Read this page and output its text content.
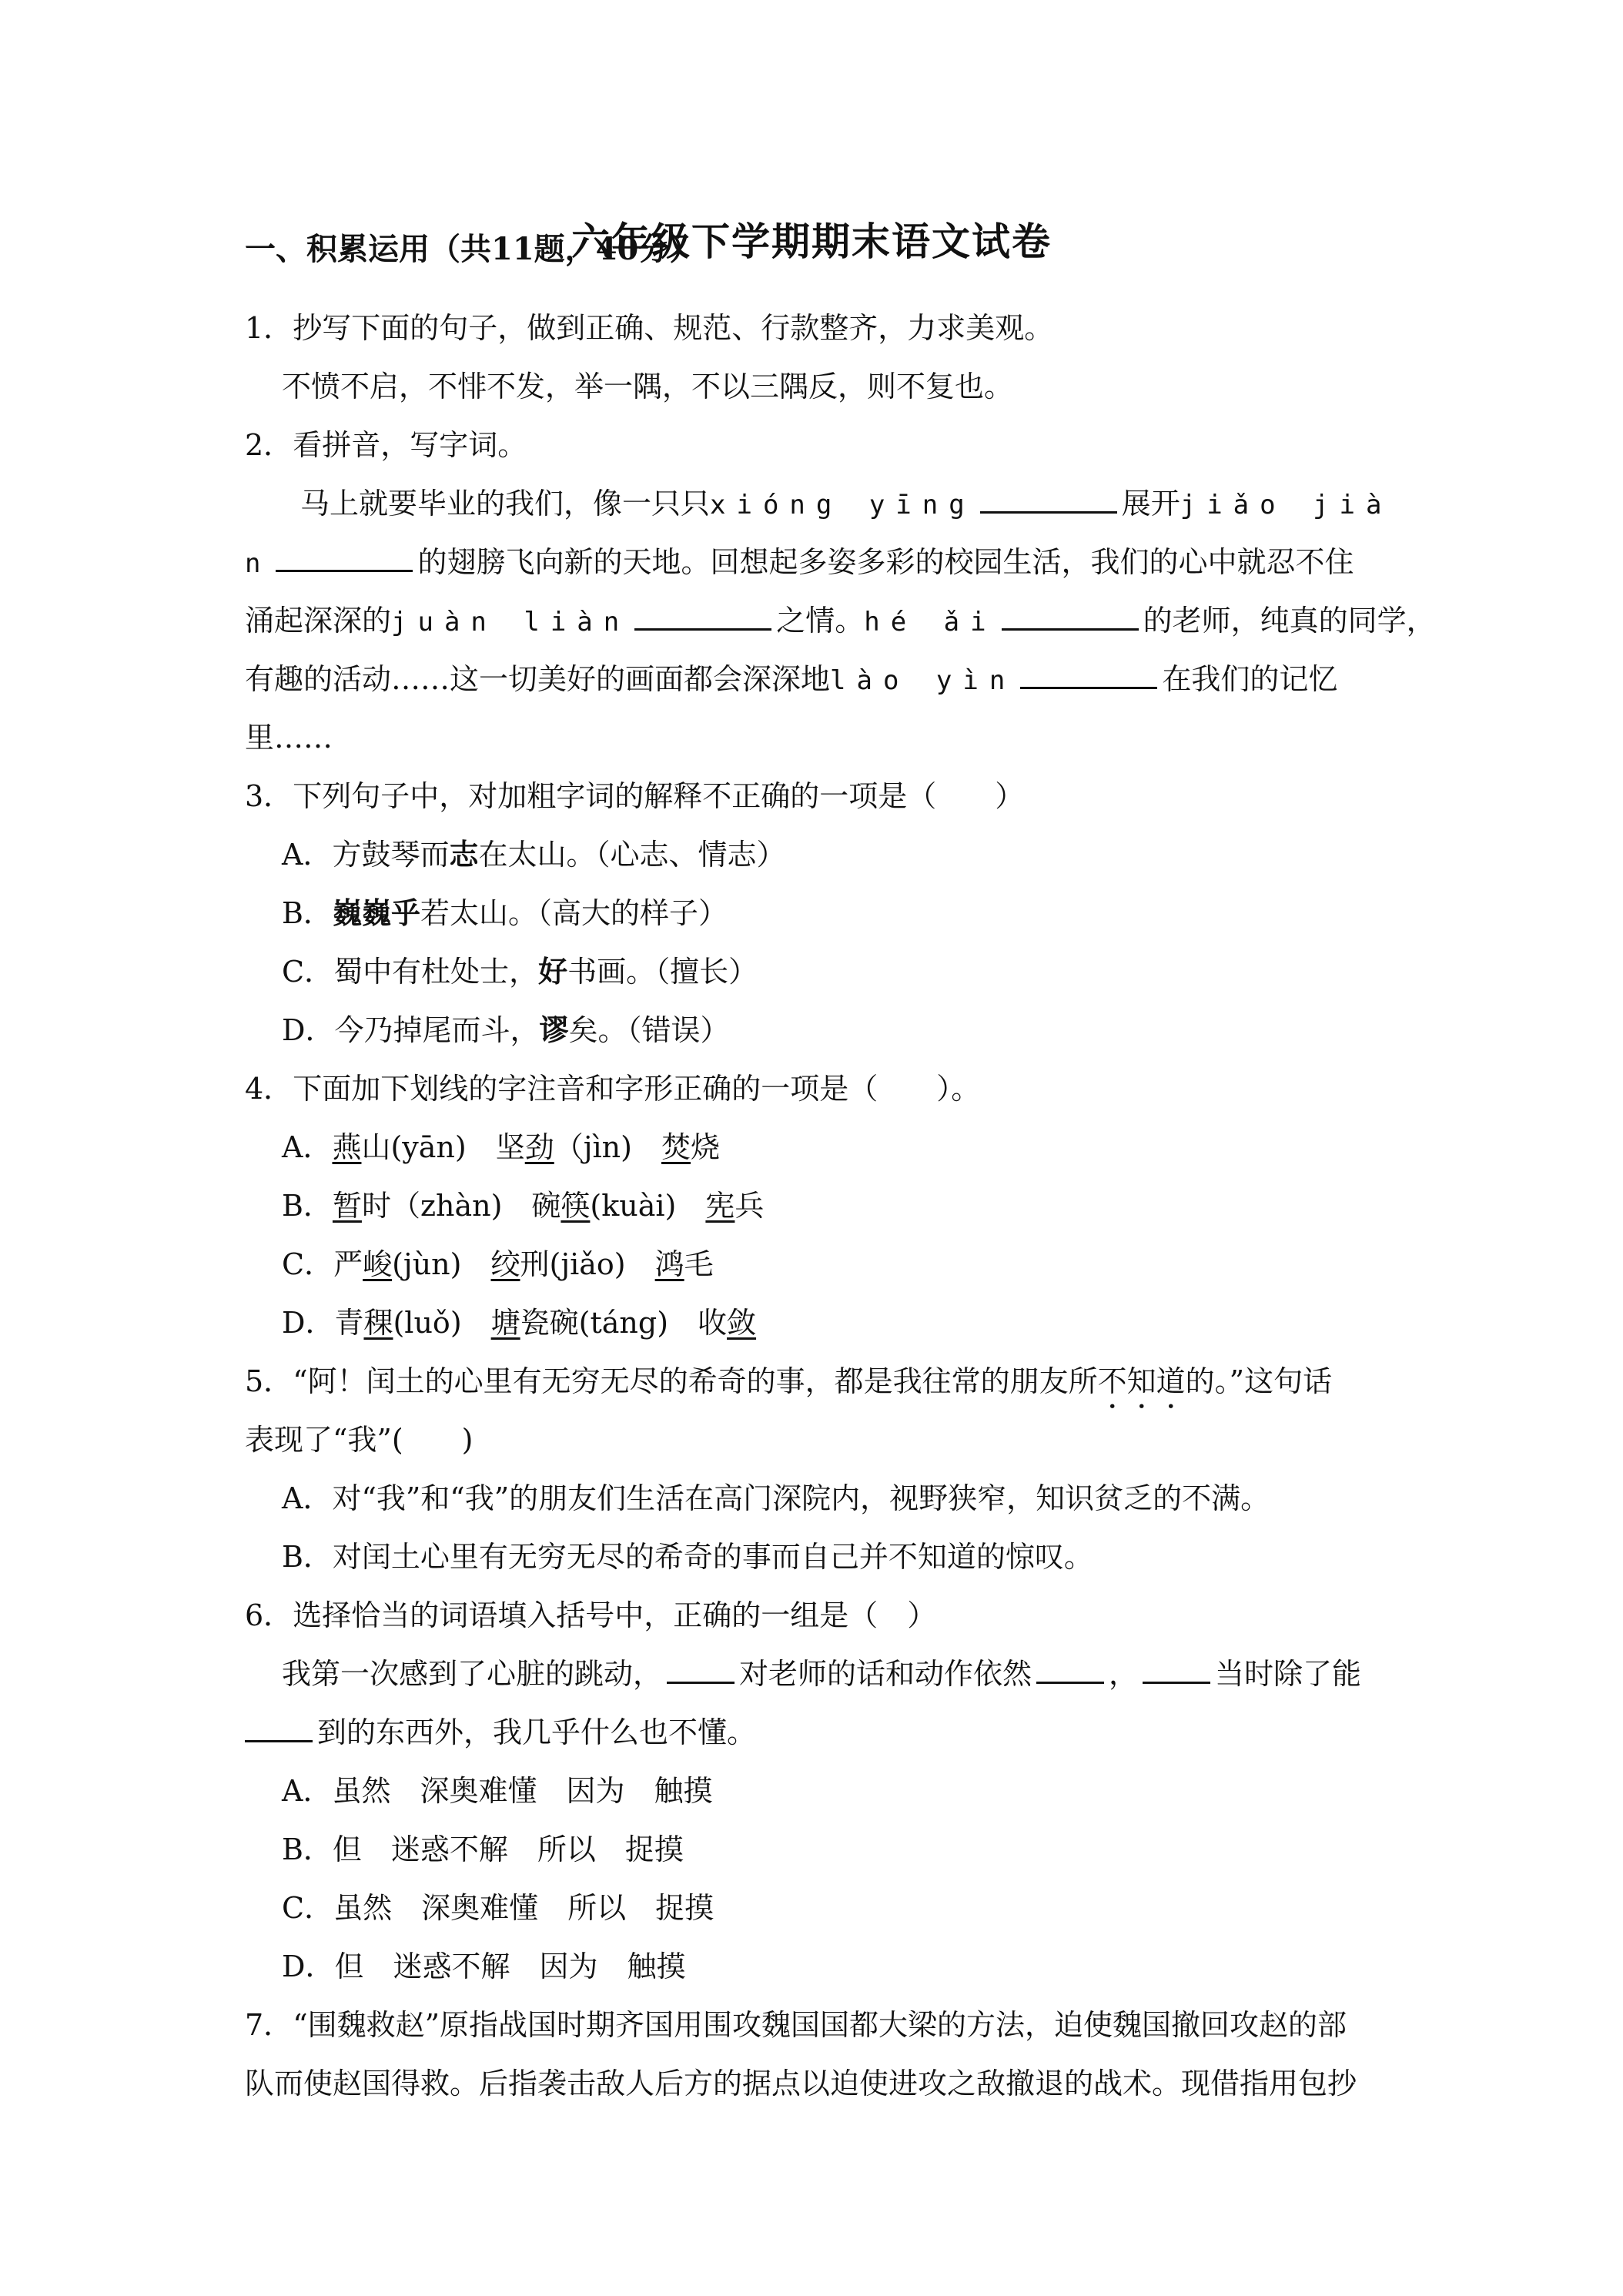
六年级下学期期末语文试卷
一、积累运用（共11题，40分）
1．抄写下面的句子，做到正确、规范、行款整齐，力求美观。
不愤不启，不悱不发，举一隅，不以三隅反，则不复也。
2．看拼音，写字词。
马上就要毕业的我们，像一只只xióng yīng	展开jiǎo jià
n	的翅膀飞向新的天地。回想起多姿多彩的校园生活，我们的心中就忍不住
涌起深深的juàn liàn	之情。hé ǎi	的老师，纯真的同学，
有趣的活动……这一切美好的画面都会深深地lào yìn	在我们的记忆
里……
3．下列句子中，对加粗字词的解释不正确的一项是（　　）
A．方鼓琴而志在太山。（心志、情志）
B．巍巍乎若太山。（高大的样子）
C．蜀中有杜处士，好书画。（擅长）
D．今乃掉尾而斗，谬矣。（错误）
4．下面加下划线的字注音和字形正确的一项是（　　）。
A．燕山(yān)　坚劲（jìn)　焚烧
B．暂时（zhàn)　碗筷(kuài)　宪兵
C．严峻(jùn)　绞刑(jiǎo)　鸿毛
D．青稞(luǒ)　塘瓷碗(táng)　收敛
5．“阿！闰土的心里有无穷无尽的希奇的事，都是我往常的朋友所不知道的。”这句话
表现了“我”(　　)
A．对“我”和“我”的朋友们生活在高门深院内，视野狭窄，知识贫乏的不满。
B．对闰土心里有无穷无尽的希奇的事而自己并不知道的惊叹。
6．选择恰当的词语填入括号中，正确的一组是（　）
我第一次感到了心脏的跳动，	对老师的话和动作依然	，	当时除了能
到的东西外，我几乎什么也不懂。
A．虽然　深奥难懂　因为　触摸
B．但　迷惑不解　所以　捉摸
C．虽然　深奥难懂　所以　捉摸
D．但　迷惑不解　因为　触摸
7．“围魏救赵”原指战国时期齐国用围攻魏国国都大梁的方法，迫使魏国撤回攻赵的部
队而使赵国得救。后指袭击敌人后方的据点以迫使进攻之敌撤退的战术。现借指用包抄
